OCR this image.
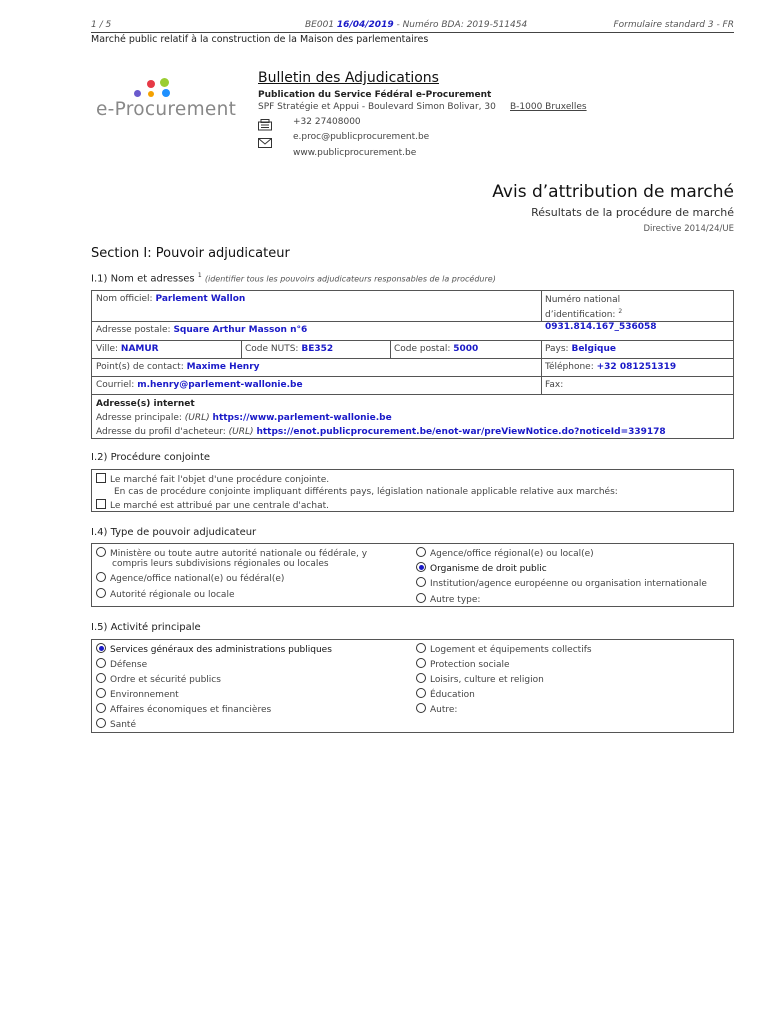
1 / 5	BE001 16/04/2019 - Numéro BDA: 2019-511454	Formulaire standard 3 - FR
Marché public relatif à la construction de la Maison des parlementaires
e-Procurement
Bulletin des Adjudications
Publication du Service Fédéral e-Procurement
SPF Stratégie et Appui - Boulevard Simon Bolivar, 30 B-1000 Bruxelles
+32 27408000
e.proc@publicprocurement.be
www.publicprocurement.be
Avis d’attribution de marché
Résultats de la procédure de marché
Directive 2014/24/UE
Section I: Pouvoir adjudicateur
I.1) Nom et adresses $^1$ (identifier tous les pouvoirs adjudicateurs responsables de la procédure)
Nom officiel: Parlement Wallon	Numéro national
d’identification: $^2$ 0931.814.167_536058
Adresse postale: Square Arthur Masson n°6
Ville: NAMUR	Code NUTS: BE352	Code postal: 5000	Pays: Belgique
Point(s) de contact: Maxime Henry	Téléphone: +32 081251319
Courriel: m.henry@parlement-wallonie.be	Fax:
Adresse(s) internet
Adresse principale: (URL) https://www.parlement-wallonie.be
Adresse du profil d'acheteur: (URL) https://enot.publicprocurement.be/enot-war/preViewNotice.do?noticeId=339178
I.2) Procédure conjointe
Le marché fait l'objet d'une procédure conjointe.
En cas de procédure conjointe impliquant différents pays, législation nationale applicable relative aux marchés:
Le marché est attribué par une centrale d'achat.
I.4) Type de pouvoir adjudicateur
Ministère ou toute autre autorité nationale ou fédérale, y
compris leurs subdivisions régionales ou locales
Agence/office national(e) ou fédéral(e)
Autorité régionale ou locale
Agence/office régional(e) ou local(e)
Organisme de droit public
Institution/agence européenne ou organisation internationale
Autre type:
I.5) Activité principale
Services généraux des administrations publiques
Défense
Ordre et sécurité publics
Environnement
Affaires économiques et financières
Santé
Logement et équipements collectifs
Protection sociale
Loisirs, culture et religion
Éducation
Autre:
